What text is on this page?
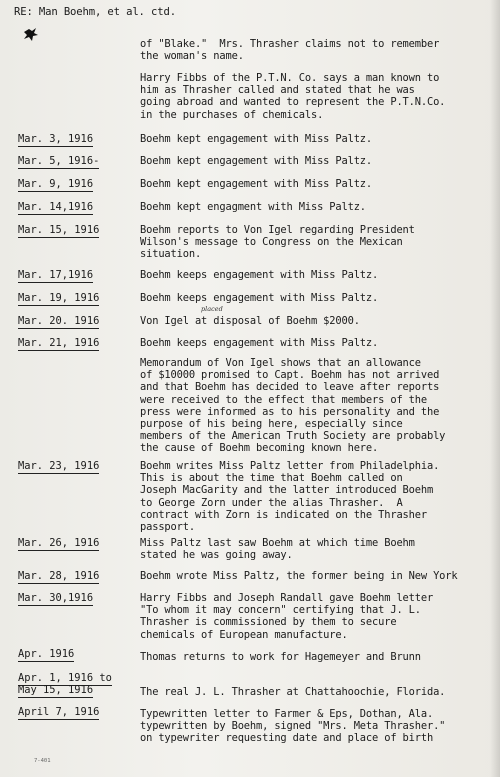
RE: Man Boehm, et al. ctd.
of "Blake."  Mrs. Thrasher claims not to remember
the woman's name.
Harry Fibbs of the P.T.N. Co. says a man known to
him as Thrasher called and stated that he was
going abroad and wanted to represent the P.T.N.Co.
in the purchases of chemicals.
Mar. 3, 1916	Boehm kept engagement with Miss Paltz.
Mar. 5, 1916-	Boehm kept engagement with Miss Paltz.
Mar. 9, 1916	Boehm kept engagement with Miss Paltz.
Mar. 14,1916	Boehm kept engagment with Miss Paltz.
Mar. 15, 1916	Boehm reports to Von Igel regarding President
Wilson's message to Congress on the Mexican
situation.
Mar. 17,1916	Boehm keeps engagement with Miss Paltz.
Mar. 19, 1916	Boehm keeps engagement with Miss Paltz.
Mar. 20. 1916	Von Igel at disposal of Boehm $2000.
placed
Mar. 21, 1916	Boehm keeps engagement with Miss Paltz.
Memorandum of Von Igel shows that an allowance
of $10000 promised to Capt. Boehm has not arrived
and that Boehm has decided to leave after reports
were received to the effect that members of the
press were informed as to his personality and the
purpose of his being here, especially since
members of the American Truth Society are probably
the cause of Boehm becoming known here.
Mar. 23, 1916	Boehm writes Miss Paltz letter from Philadelphia.
This is about the time that Boehm called on
Joseph MacGarity and the latter introduced Boehm
to George Zorn under the alias Thrasher.  A
contract with Zorn is indicated on the Thrasher
passport.
Mar. 26, 1916	Miss Paltz last saw Boehm at which time Boehm
stated he was going away.
Mar. 28, 1916	Boehm wrote Miss Paltz, the former being in New York
Mar. 30,1916	Harry Fibbs and Joseph Randall gave Boehm letter
"To whom it may concern" certifying that J. L.
Thrasher is commissioned by them to secure
chemicals of European manufacture.
Apr. 1916	Thomas returns to work for Hagemeyer and Brunn
Apr. 1, 1916 to
May 15, 1916	The real J. L. Thrasher at Chattahoochie, Florida.
April 7, 1916	Typewritten letter to Farmer & Eps, Dothan, Ala.
typewritten by Boehm, signed "Mrs. Meta Thrasher."
on typewriter requesting date and place of birth
7-401
